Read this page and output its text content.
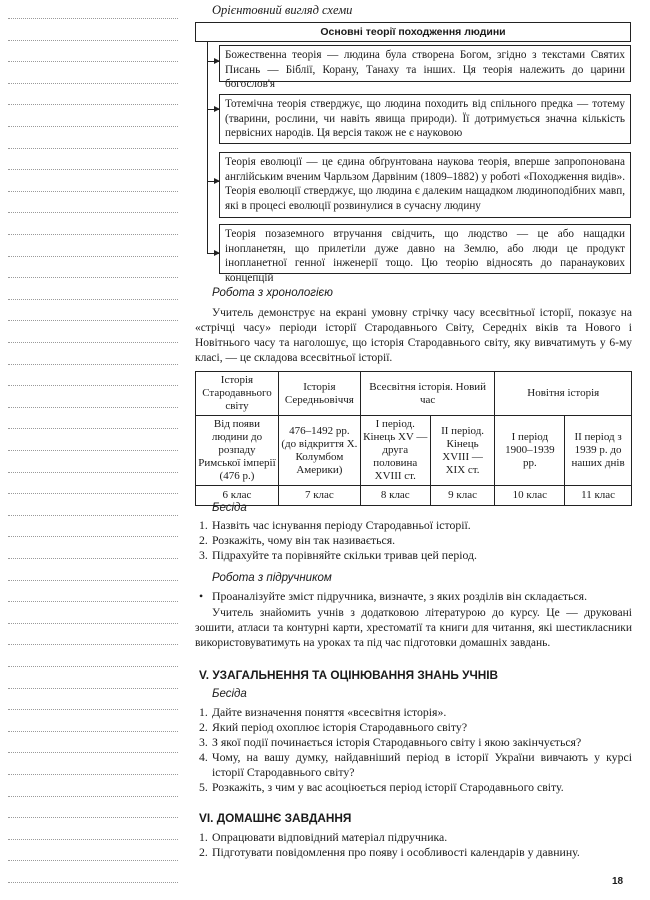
Орієнтовний вигляд схеми
Основні теорії походження людини
Божественна теорія — людина була створена Богом, згідно з текстами Святих Писань — Біблії, Корану, Танаху та інших. Ця теорія належить до царини богослов'я
Тотемічна теорія стверджує, що людина походить від спільного предка — тотему (тварини, рослини, чи навіть явища природи). Її дотримується значна кількість первісних народів. Ця версія також не є науковою
Теорія еволюції — це єдина обґрунтована наукова теорія, вперше запропонована англійським вченим Чарльзом Дарвіним (1809–1882) у роботі «Походження видів». Теорія еволюції стверджує, що людина є далеким нащадком людиноподібних мавп, які в процесі еволюції розвинулися в сучасну людину
Теорія позаземного втручання свідчить, що людство — це або нащадки інопланетян, що прилетіли дуже давно на Землю, або люди це продукт інопланетної генної інженерії тощо. Цю теорію відносять до паранаукових концепцій
Робота з хронологією
Учитель демонструє на екрані умовну стрічку часу всесвітньої історії, показує на «стрічці часу» періоди історії Стародавнього Світу, Середніх віків та Нового і Новітнього часу та наголошує, що історія Стародавнього світу, яку вивчатимуть у 6-му класі, — це складова всесвітньої історії.
Історія Стародавнього світу	Історія Середньовіччя	Всесвітня історія. Новий час		Новітня історія	
Від появи людини до розпаду Римської імперії (476 р.)	476–1492 рр. (до відкриття Х. Колумбом Америки)	I період. Кінець XV — друга половина XVIII ст.	II період. Кінець XVIII — XIX ст.	I період 1900–1939 рр.	II період з 1939 р. до наших днів
6 клас	7 клас	8 клас	9 клас	10 клас	11 клас
Бесіда
1. Назвіть час існування періоду Стародавньої історії.
2. Розкажіть, чому він так називається.
3. Підрахуйте та порівняйте скільки тривав цей період.
Робота з підручником
• Проаналізуйте зміст підручника, визначте, з яких розділів він складається.
Учитель знайомить учнів з додатковою літературою до курсу. Це — друковані зошити, атласи та контурні карти, хрестоматії та книги для читання, які шестикласники використовуватимуть на уроках та під час підготовки домашніх завдань.
V. УЗАГАЛЬНЕННЯ ТА ОЦІНЮВАННЯ ЗНАНЬ УЧНІВ
Бесіда
1. Дайте визначення поняття «всесвітня історія».
2. Який період охоплює історія Стародавнього світу?
3. З якої події починається історія Стародавнього світу і якою закінчується?
4. Чому, на вашу думку, найдавніший період в історії України вивчають у курсі історії Стародавнього світу?
5. Розкажіть, з чим у вас асоціюється період історії Стародавнього світу.
VI. ДОМАШНЄ ЗАВДАННЯ
1. Опрацювати відповідний матеріал підручника.
2. Підготувати повідомлення про появу і особливості календарів у давнину.
18
